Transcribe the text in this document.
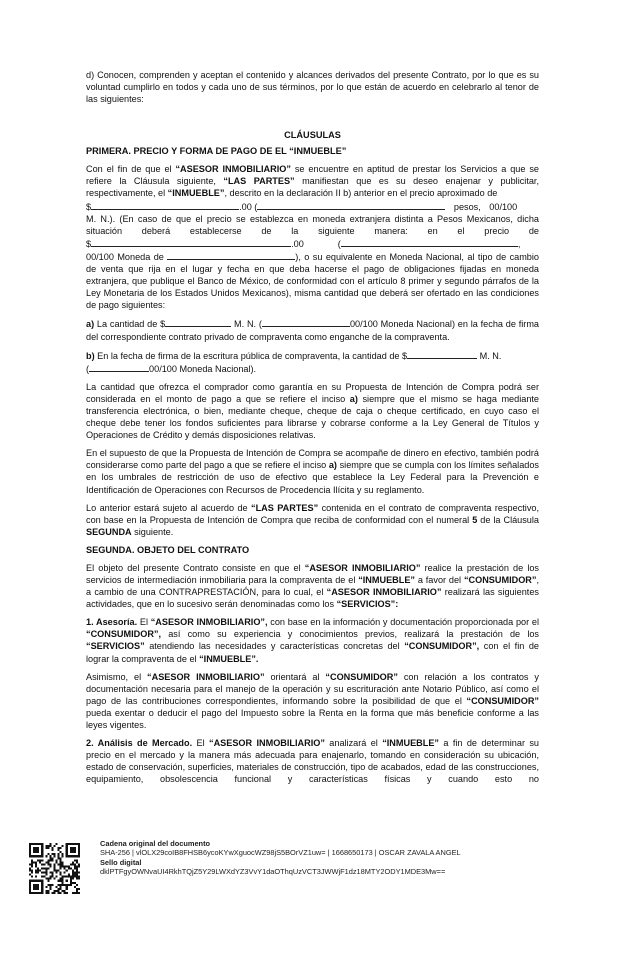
d) Conocen, comprenden y aceptan el contenido y alcances derivados del presente Contrato, por lo que es su voluntad cumplirlo en todos y cada uno de sus términos, por lo que están de acuerdo en celebrarlo al tenor de las siguientes:

CLÁUSULAS
PRIMERA. PRECIO Y FORMA DE PAGO DE EL “INMUEBLE”

Con el fin de que el “ASESOR INMOBILIARIO” se encuentre en aptitud de prestar los Servicios a que se refiere la Cláusula siguiente, “LAS PARTES” manifiestan que es su deseo enajenar y publicitar, respectivamente, el “INMUEBLE”, descrito en la declaración II b) anterior en el precio aproximado de

$	.00 (	pesos, 00/100

M. N.). (En caso de que el precio se establezca en moneda extranjera distinta a Pesos Mexicanos, dicha situación deberá establecerse de la siguiente manera: en el precio de

$	.00	(	,

00/100 Moneda de	), o su equivalente en Moneda Nacional, al tipo de cambio de venta que rija en el lugar y fecha en que deba hacerse el pago de obligaciones fijadas en moneda extranjera, que publique el Banco de México, de conformidad con el artículo 8 primer y segundo párrafos de la Ley Monetaria de los Estados Unidos Mexicanos), misma cantidad que deberá ser ofertado en las condiciones de pago siguientes:

a) La cantidad de $	M. N. (	00/100 Moneda Nacional) en la fecha de firma del correspondiente contrato privado de compraventa como enganche de la compraventa.

b) En la fecha de firma de la escritura pública de compraventa, la cantidad de $	M. N.
(	00/100 Moneda Nacional).

La cantidad que ofrezca el comprador como garantía en su Propuesta de Intención de Compra podrá ser considerada en el monto de pago a que se refiere el inciso a) siempre que el mismo se haga mediante transferencia electrónica, o bien, mediante cheque, cheque de caja o cheque certificado, en cuyo caso el cheque debe tener los fondos suficientes para librarse y cobrarse conforme a la Ley General de Títulos y Operaciones de Crédito y demás disposiciones relativas.

En el supuesto de que la Propuesta de Intención de Compra se acompañe de dinero en efectivo, también podrá considerarse como parte del pago a que se refiere el inciso a) siempre que se cumpla con los límites señalados en los umbrales de restricción de uso de efectivo que establece la Ley Federal para la Prevención e Identificación de Operaciones con Recursos de Procedencia Ilícita y su reglamento.

Lo anterior estará sujeto al acuerdo de “LAS PARTES” contenida en el contrato de compraventa respectivo, con base en la Propuesta de Intención de Compra que reciba de conformidad con el numeral 5 de la Cláusula SEGUNDA siguiente.

SEGUNDA. OBJETO DEL CONTRATO

El objeto del presente Contrato consiste en que el “ASESOR INMOBILIARIO” realice la prestación de los servicios de intermediación inmobiliaria para la compraventa de el “INMUEBLE” a favor del “CONSUMIDOR”, a cambio de una CONTRAPRESTACIÓN, para lo cual, el “ASESOR INMOBILIARIO” realizará las siguientes actividades, que en lo sucesivo serán denominadas como los “SERVICIOS”:

1. Asesoría. El “ASESOR INMOBILIARIO”, con base en la información y documentación proporcionada por el “CONSUMIDOR”, así como su experiencia y conocimientos previos, realizará la prestación de los “SERVICIOS” atendiendo las necesidades y características concretas del “CONSUMIDOR”, con el fin de lograr la compraventa de el “INMUEBLE”.

Asimismo, el “ASESOR INMOBILIARIO” orientará al “CONSUMIDOR” con relación a los contratos y documentación necesaria para el manejo de la operación y su escrituración ante Notario Público, así como el pago de las contribuciones correspondientes, informando sobre la posibilidad de que el “CONSUMIDOR” pueda exentar o deducir el pago del Impuesto sobre la Renta en la forma que más beneficie conforme a las leyes vigentes.

2. Análisis de Mercado. El “ASESOR INMOBILIARIO” analizará el “INMUEBLE” a fin de determinar su precio en el mercado y la manera más adecuada para enajenarlo, tomando en consideración su ubicación, estado de conservación, superficies, materiales de construcción, tipo de acabados, edad de las construcciones, equipamiento, obsolescencia funcional y características físicas y cuando esto no

Cadena original del documento
SHA-256 | vlOLX29coIB8FHSB6ycoKYwXguocWZ98jS5BOrVZ1uw= | 1668650173 | OSCAR ZAVALA ANGEL
Sello digital
dklPTFgyOWNvaUI4RkhTQjZ5Y29LWXdYZ3VvY1daOThqUzVCT3JWWjF1dz18MTY2ODY1MDE3Mw==
